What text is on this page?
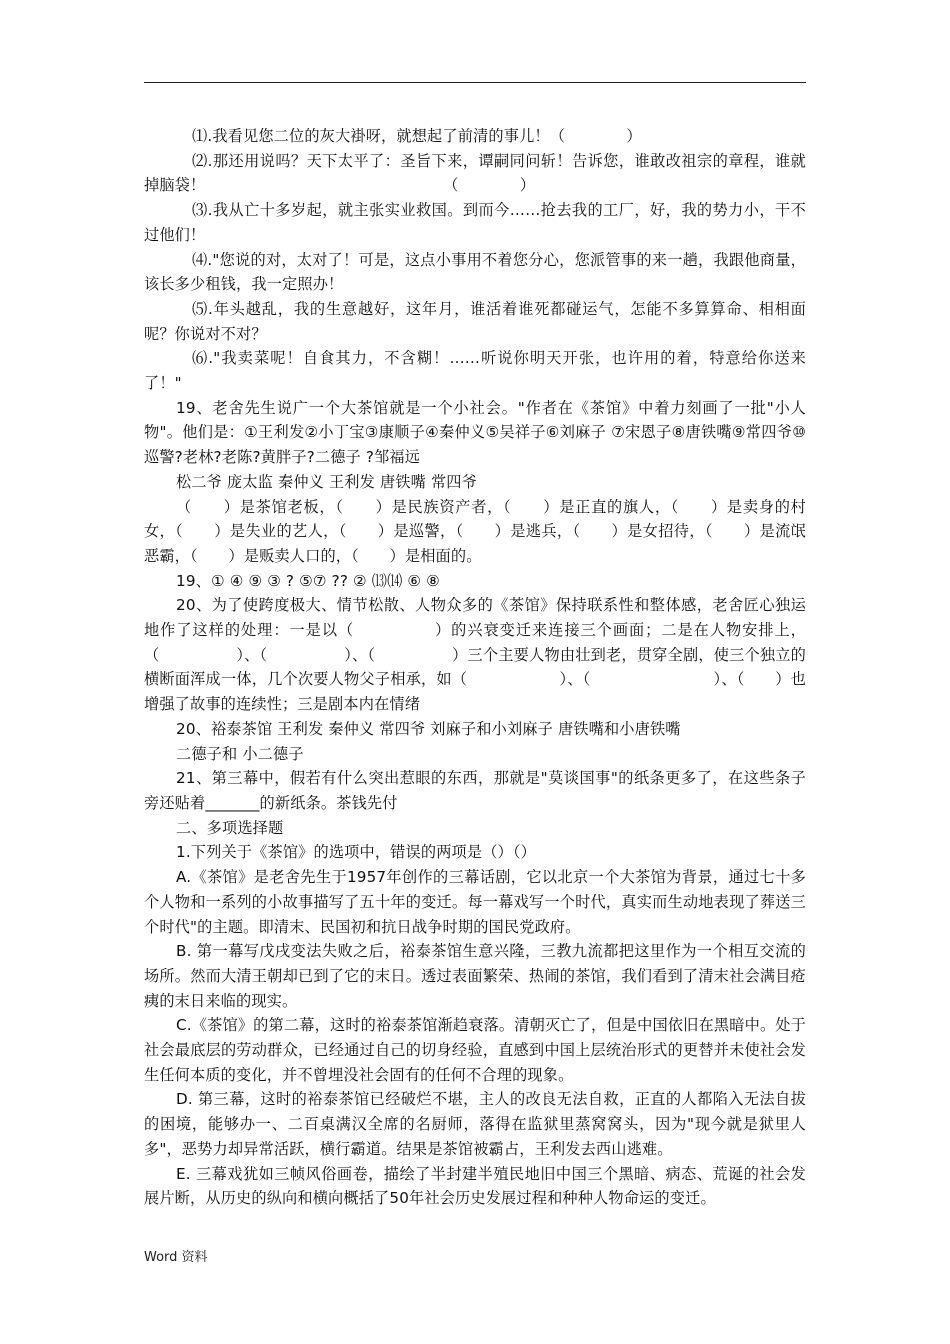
⑴.我看见您二位的灰大褂呀，就想起了前清的事儿！（　　　　）

⑵.那还用说吗？天下太平了：圣旨下来，谭嗣同问斩！告诉您，谁敢改祖宗的章程，谁就掉脑袋！　　　　　　　　　　　　　　　　（　　　　）

⑶.我从亡十多岁起，就主张实业救国。到而今……抢去我的工厂，好，我的势力小，干不过他们！

⑷."您说的对，太对了！可是，这点小事用不着您分心，您派管事的来一趟，我跟他商量，该长多少租钱，我一定照办！

⑸.年头越乱，我的生意越好，这年月，谁活着谁死都碰运气，怎能不多算算命、相相面呢？你说对不对？

⑹."我卖菜呢！自食其力，不含糊！……听说你明天开张，也许用的着，特意给你送来了！"

19、老舍先生说广一个大茶馆就是一个小社会。"作者在《茶馆》中着力刻画了一批"小人物"。他们是：①王利发②小丁宝③康顺子④秦仲义⑤吴祥子⑥刘麻子 ⑦宋恩子⑧唐铁嘴⑨常四爷⑩巡警?老林?老陈?黄胖子?二德子 ?邹福远

松二爷 庞太监 秦仲义 王利发 唐铁嘴 常四爷

（　　）是茶馆老板，（　　）是民族资产者，（　　）是正直的旗人，（　　）是卖身的村女，（　　）是失业的艺人，（　　）是巡警，（　　）是逃兵，（　　）是女招待，（　　）是流氓恶霸，（　　）是贩卖人口的，（　　）是相面的。

19、① ④ ⑨ ③ ? ⑤⑦ ?? ② ⒀⒁ ⑥ ⑧

20、为了使跨度极大、情节松散、人物众多的《茶馆》保持联系性和整体感，老舍匠心独运地作了这样的处理：一是以（　　　　　）的兴衰变迁来连接三个画面；二是在人物安排上，（　　　　　）、（　　　　　）、（　　　　　）三个主要人物由壮到老，贯穿全剧，使三个独立的横断面浑成一体，几个次要人物父子相承，如（　　　　　　）、（　　　　　　　　）、（　　）也增强了故事的连续性；三是剧本内在情绪

20、裕泰茶馆 王利发 秦仲义 常四爷 刘麻子和小刘麻子 唐铁嘴和小唐铁嘴

二德子和 小二德子

21、第三幕中，假若有什么突出惹眼的东西，那就是"莫谈国事"的纸条更多了，在这些条子旁还贴着_______的新纸条。茶钱先付

二、多项选择题

1.下列关于《茶馆》的选项中，错误的两项是（）（）

A.《茶馆》是老舍先生于1957年创作的三幕话剧，它以北京一个大茶馆为背景，通过七十多个人物和一系列的小故事描写了五十年的变迁。每一幕戏写一个时代，真实而生动地表现了葬送三个时代"的主题。即清末、民国初和抗日战争时期的国民党政府。

B. 第一幕写戊戌变法失败之后，裕泰茶馆生意兴隆，三教九流都把这里作为一个相互交流的场所。然而大清王朝却已到了它的末日。透过表面繁荣、热闹的茶馆，我们看到了清末社会满目疮痍的末日来临的现实。

C.《茶馆》的第二幕，这时的裕泰茶馆渐趋衰落。清朝灭亡了，但是中国依旧在黑暗中。处于社会最底层的劳动群众，已经通过自己的切身经验，直感到中国上层统治形式的更替并未使社会发生任何本质的变化，并不曾埋没社会固有的任何不合理的现象。

D. 第三幕，这时的裕泰茶馆已经破烂不堪，主人的改良无法自救，正直的人都陷入无法自拔的困境，能够办一、二百桌满汉全席的名厨师，落得在监狱里蒸窝窝头，因为"现今就是狱里人多"，恶势力却异常活跃，横行霸道。结果是茶馆被霸占，王利发去西山逃难。

E. 三幕戏犹如三帧风俗画卷，描绘了半封建半殖民地旧中国三个黑暗、病态、荒诞的社会发展片断，从历史的纵向和横向概括了50年社会历史发展过程和种种人物命运的变迁。

Word 资料
